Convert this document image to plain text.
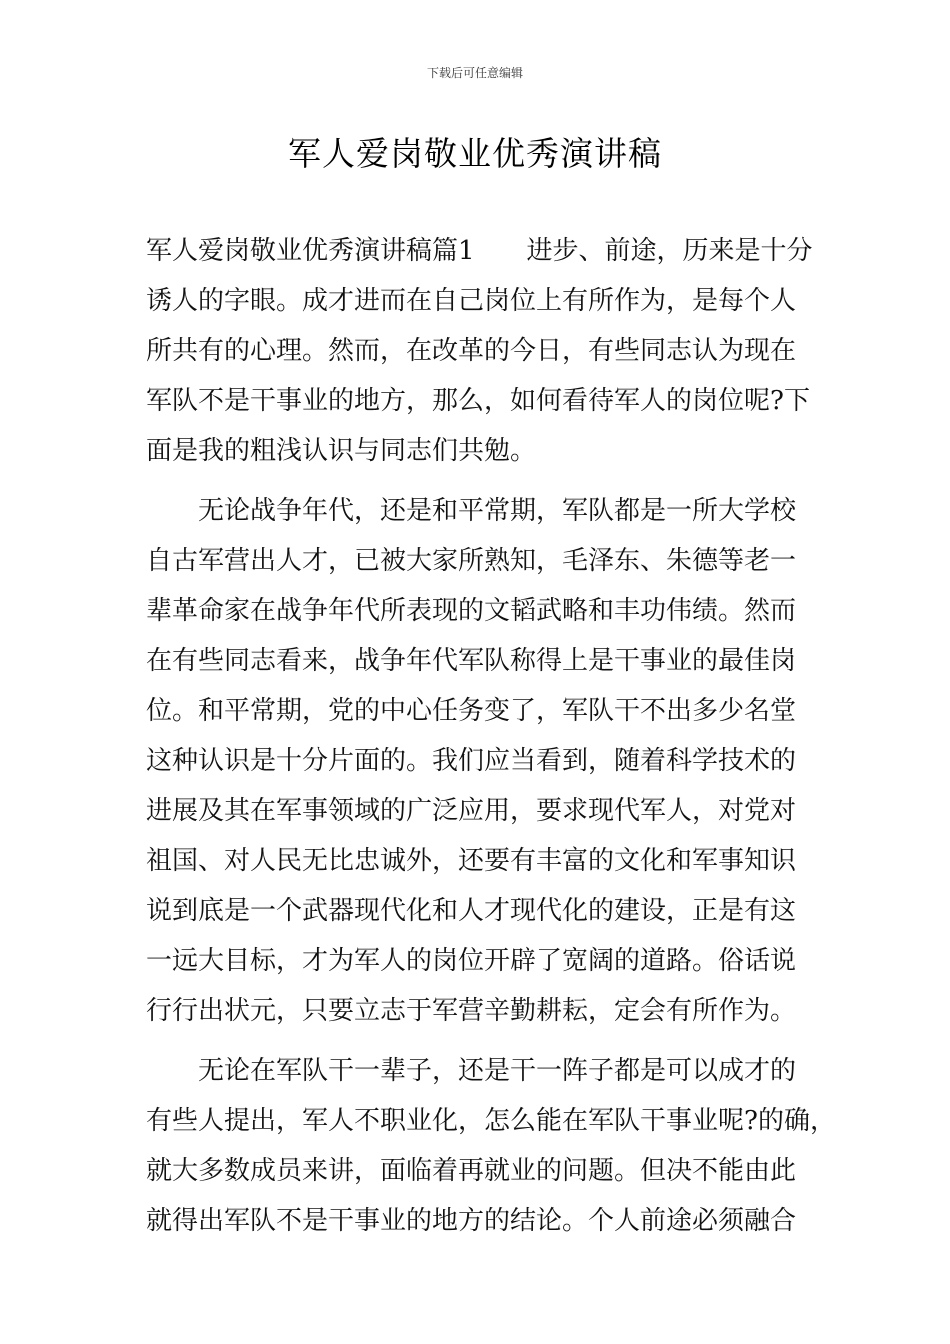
下载后可任意编辑
军人爱岗敬业优秀演讲稿
军人爱岗敬业优秀演讲稿篇1　　进步、前途，历来是十分
诱人的字眼。成才进而在自己岗位上有所作为，是每个人
所共有的心理。然而，在改革的今日，有些同志认为现在
军队不是干事业的地方，那么，如何看待军人的岗位呢?下
面是我的粗浅认识与同志们共勉。
　　无论战争年代，还是和平常期，军队都是一所大学校
自古军营出人才，已被大家所熟知，毛泽东、朱德等老一
辈革命家在战争年代所表现的文韬武略和丰功伟绩。然而
在有些同志看来，战争年代军队称得上是干事业的最佳岗
位。和平常期，党的中心任务变了，军队干不出多少名堂
这种认识是十分片面的。我们应当看到，随着科学技术的
进展及其在军事领域的广泛应用，要求现代军人，对党对
祖国、对人民无比忠诚外，还要有丰富的文化和军事知识
说到底是一个武器现代化和人才现代化的建设，正是有这
一远大目标，才为军人的岗位开辟了宽阔的道路。俗话说
行行出状元，只要立志于军营辛勤耕耘，定会有所作为。
　　无论在军队干一辈子，还是干一阵子都是可以成才的
有些人提出，军人不职业化，怎么能在军队干事业呢?的确，
就大多数成员来讲，面临着再就业的问题。但决不能由此
就得出军队不是干事业的地方的结论。个人前途必须融合
